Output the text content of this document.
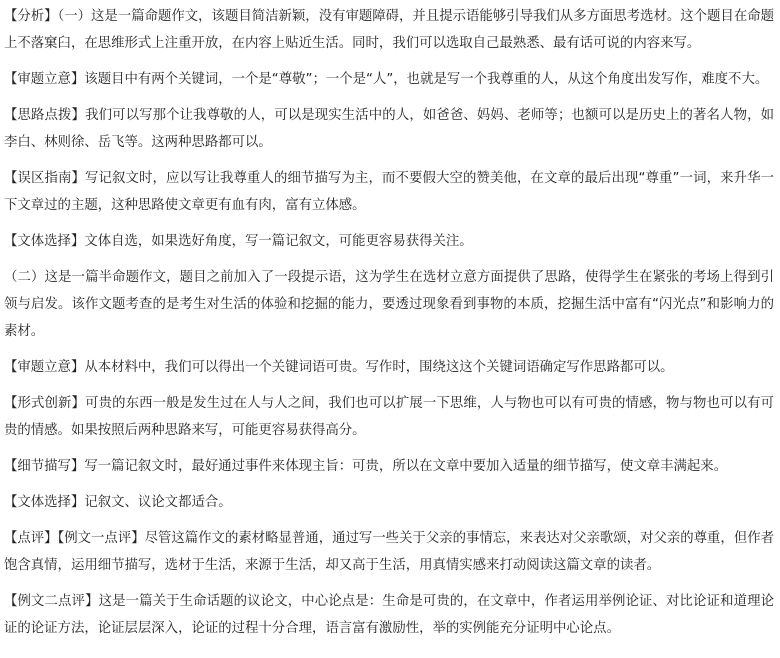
【分析】（一）这是一篇命题作文，该题目简洁新颖，没有审题障碍，并且提示语能够引导我们从多方面思考选材。这个题目在命题上不落窠臼，在思维形式上注重开放，在内容上贴近生活。同时，我们可以选取自己最熟悉、最有话可说的内容来写。

【审题立意】该题目中有两个关键词，一个是“尊敬”；一个是“人”，也就是写一个我尊重的人，从这个角度出发写作，难度不大。

【思路点拨】我们可以写那个让我尊敬的人，可以是现实生活中的人，如爸爸、妈妈、老师等；也额可以是历史上的著名人物，如李白、林则徐、岳飞等。这两种思路都可以。

【误区指南】写记叙文时，应以写让我尊重人的细节描写为主，而不要假大空的赞美他，在文章的最后出现“尊重”一词，来升华一下文章过的主题，这种思路使文章更有血有肉，富有立体感。

【文体选择】文体自选，如果选好角度，写一篇记叙文，可能更容易获得关注。

（二）这是一篇半命题作文，题目之前加入了一段提示语，这为学生在选材立意方面提供了思路，使得学生在紧张的考场上得到引领与启发。该作文题考查的是考生对生活的体验和挖掘的能力，要透过现象看到事物的本质，挖掘生活中富有“闪光点”和影响力的素材。

【审题立意】从本材料中，我们可以得出一个关键词语可贵。写作时，围绕这这个关键词语确定写作思路都可以。

【形式创新】可贵的东西一般是发生过在人与人之间，我们也可以扩展一下思维，人与物也可以有可贵的情感，物与物也可以有可贵的情感。如果按照后两种思路来写，可能更容易获得高分。

【细节描写】写一篇记叙文时，最好通过事件来体现主旨：可贵，所以在文章中要加入适量的细节描写，使文章丰满起来。

【文体选择】记叙文、议论文都适合。

【点评】【例文一点评】尽管这篇作文的素材略显普通，通过写一些关于父亲的事情忘，来表达对父亲歌颂，对父亲的尊重，但作者饱含真情，运用细节描写，选材于生活，来源于生活，却又高于生活，用真情实感来打动阅读这篇文章的读者。

【例文二点评】这是一篇关于生命话题的议论文，中心论点是：生命是可贵的，在文章中，作者运用举例论证、对比论证和道理论证的论证方法，论证层层深入，论证的过程十分合理，语言富有激励性，举的实例能充分证明中心论点。
